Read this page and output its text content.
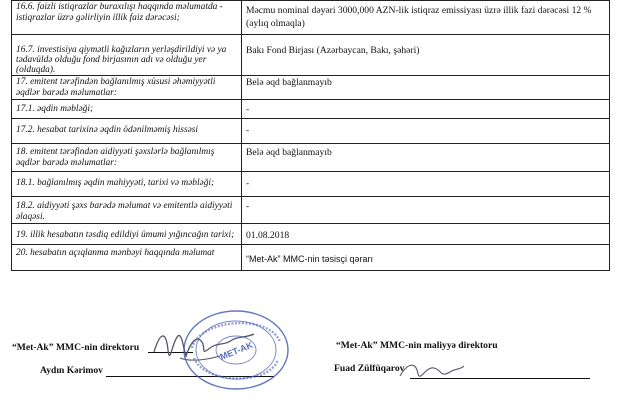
16.6. faizli istiqrazlar buraxılışı haqqında məlumatda - istiqrazlar üzrə gəlirliyin illik faiz dərəcəsi;	Məcmu nominal dəyəri 3000,000 AZN-lik istiqraz emissiyası üzrə illik fazi dərəcəsi 12 % (aylıq olmaqla)
16.7. investisiya qiymətli kağızların yerləşdirildiyi və ya tədavüldə olduğu fond birjasının adı və olduğu yer (olduqda).	Bakı Fond Birjası (Azərbaycan, Bakı, şəhəri)
17. emitent tərəfindən bağlanılmış xüsusi əhəmiyyətli əqdlər barədə məlumatlar:	Belə əqd bağlanmayıb
17.1. əqdin məbləği;	-
17.2. hesabat tarixinə əqdin ödənilməmiş hissəsi	-
18. emitent tərəfindən aidiyyəti şəxslərlə bağlanılmış əqdlər barədə məlumatlar:	Belə əqd bağlanmayıb
18.1. bağlanılmış əqdin mahiyyəti, tarixi və məbləği;	-
18.2. aidiyyəti şəxs barədə məlumat və emitentlə aidiyyəti əlaqəsi.	-
19. illik hesabatın təsdiq edildiyi ümumi yığıncağın tarixi;	01.08.2018
20. hesabatın açıqlanma mənbəyi haqqında məlumat	“Met-Ak” MMC-nin təsisçi qərarı
“Met-Ak” MMC-nin direktoru
Aydın Kərimov
“Met-Ak” MMC-nin maliyyə direktoru
Fuad Zülfüqarov
MET-AK
